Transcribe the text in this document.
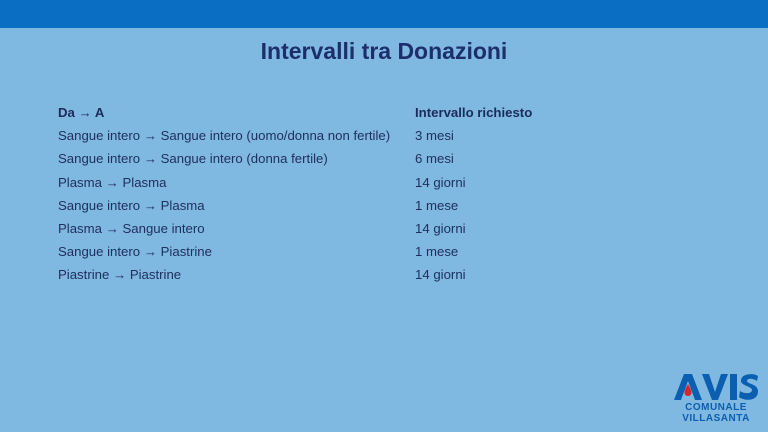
Intervalli tra Donazioni
Da → A	Intervallo richiesto
Sangue intero → Sangue intero (uomo/donna non fertile)	3 mesi
Sangue intero → Sangue intero (donna fertile)	6 mesi
Plasma → Plasma	14 giorni
Sangue intero → Plasma	1 mese
Plasma → Sangue intero	14 giorni
Sangue intero → Piastrine	1 mese
Piastrine → Piastrine	14 giorni
COMUNALE
VILLASANTA
